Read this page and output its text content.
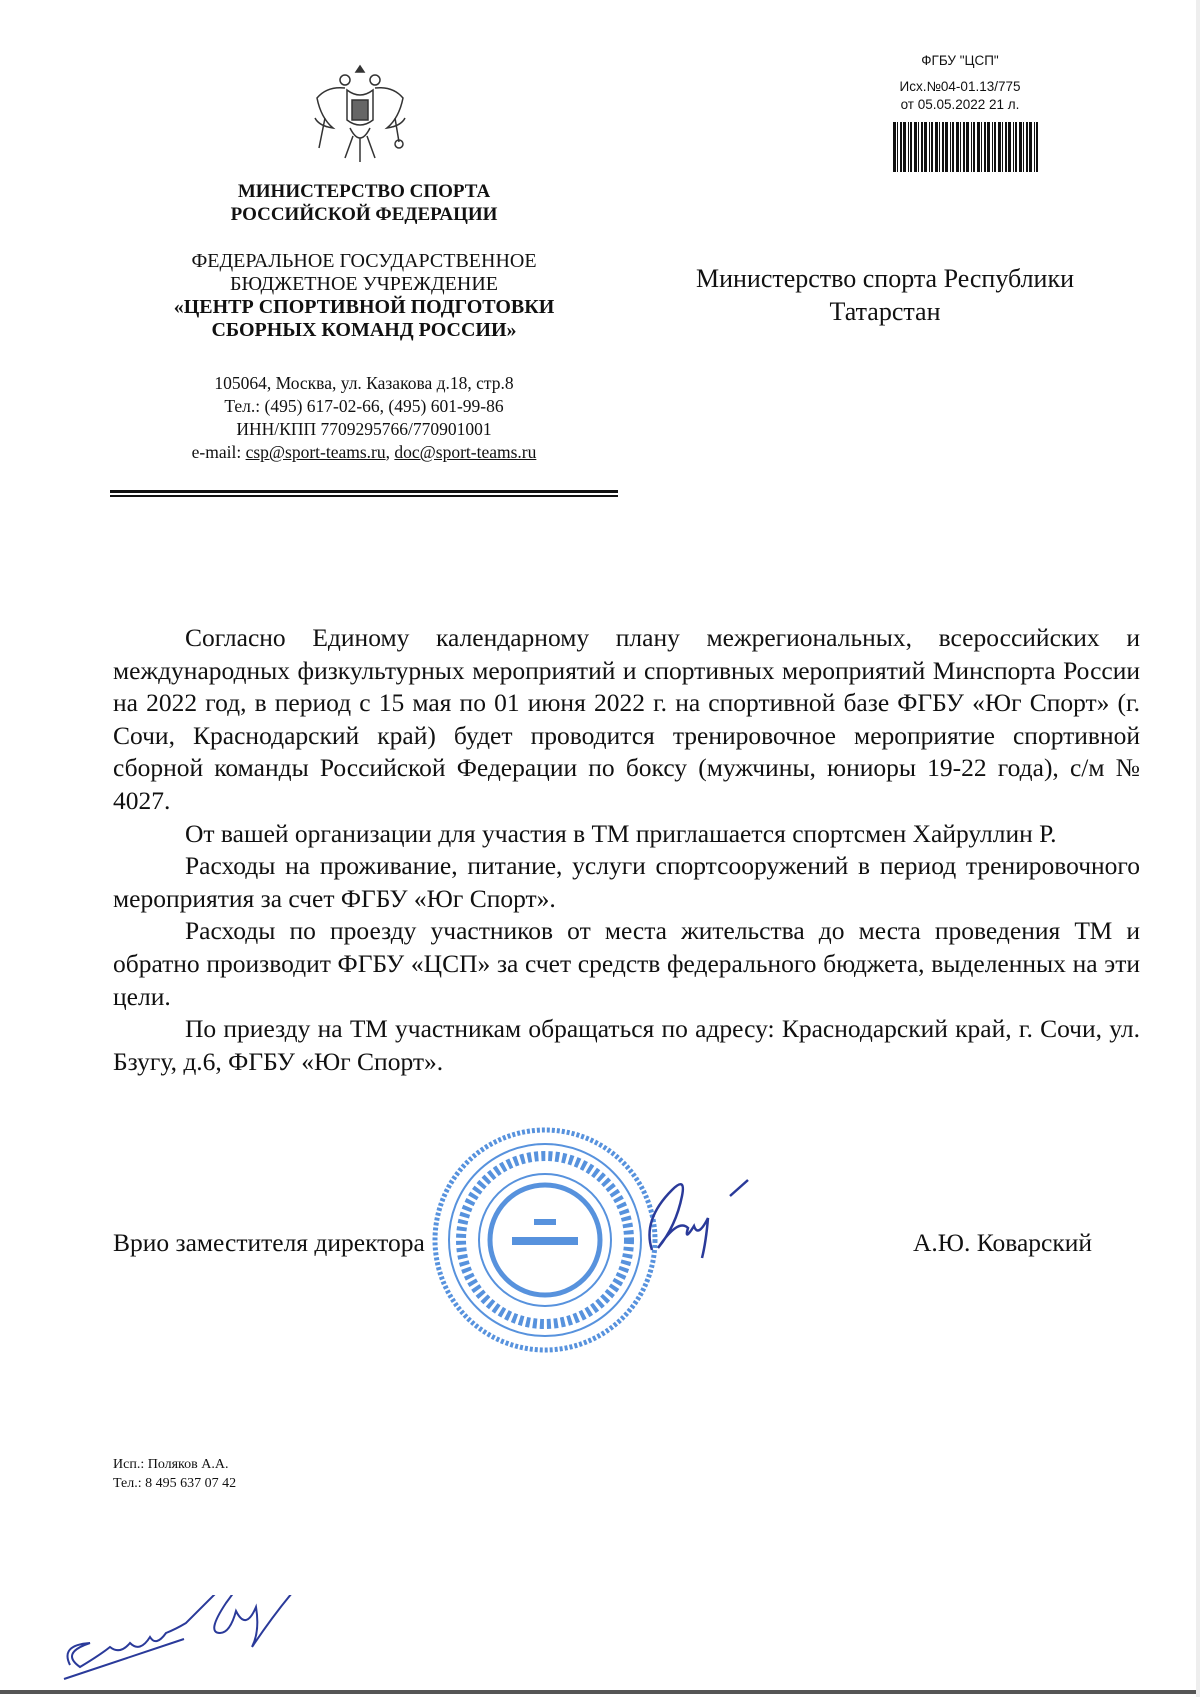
МИНИСТЕРСТВО СПОРТА
РОССИЙСКОЙ ФЕДЕРАЦИИ
ФЕДЕРАЛЬНОЕ ГОСУДАРСТВЕННОЕ
БЮДЖЕТНОЕ УЧРЕЖДЕНИЕ
«ЦЕНТР СПОРТИВНОЙ ПОДГОТОВКИ
СБОРНЫХ КОМАНД РОССИИ»
105064, Москва, ул. Казакова д.18, стр.8
Тел.: (495) 617-02-66, (495) 601-99-86
ИНН/КПП 7709295766/770901001
e-mail: csp@sport-teams.ru, doc@sport-teams.ru
ФГБУ "ЦСП"
Исх.№04-01.13/775
от 05.05.2022 21 л.
Министерство спорта Республики
Татарстан

Согласно Единому календарному плану межрегиональных, всероссийских и международных физкультурных мероприятий и спортивных мероприятий Минспорта России на 2022 год, в период с 15 мая по 01 июня 2022 г. на спортивной базе ФГБУ «Юг Спорт» (г. Сочи, Краснодарский край) будет проводится тренировочное мероприятие спортивной сборной команды Российской Федерации по боксу (мужчины, юниоры 19-22 года), с/м № 4027.

От вашей организации для участия в ТМ приглашается спортсмен Хайруллин Р.

Расходы на проживание, питание, услуги спортсооружений в период тренировочного мероприятия за счет ФГБУ «Юг Спорт».

Расходы по проезду участников от места жительства до места проведения ТМ и обратно производит ФГБУ «ЦСП» за счет средств федерального бюджета, выделенных на эти цели.

По приезду на ТМ участникам обращаться по адресу: Краснодарский край, г. Сочи, ул. Бзугу, д.6, ФГБУ «Юг Спорт».

Врио заместителя директора	А.Ю. Коварский
Исп.: Поляков А.А.
Тел.: 8 495 637 07 42
